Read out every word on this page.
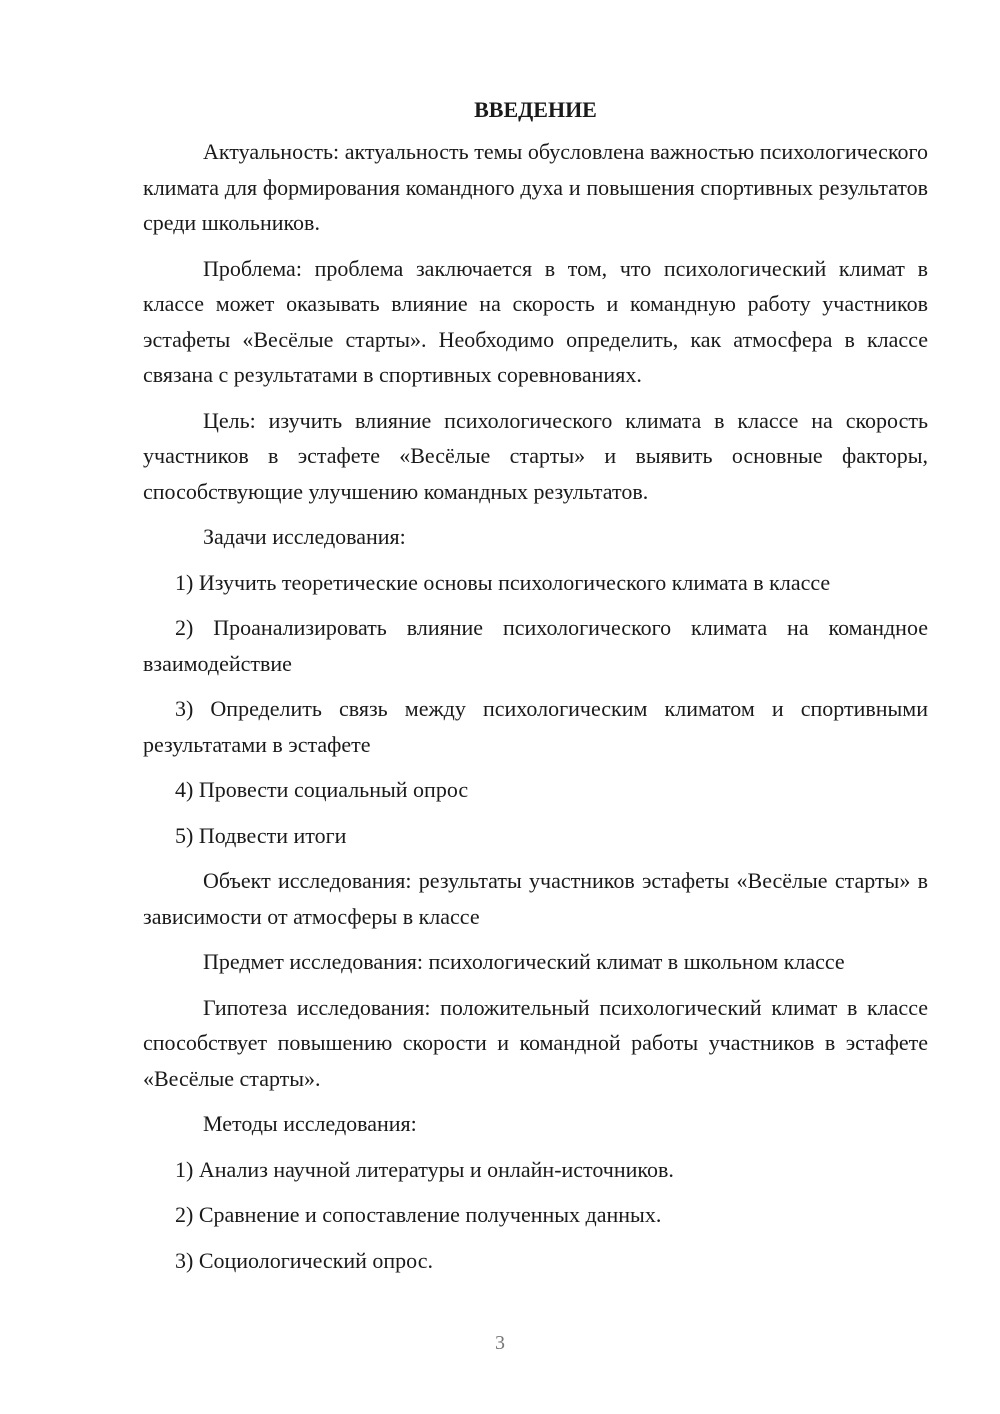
ВВЕДЕНИЕ

Актуальность: актуальность темы обусловлена важностью психологического климата для формирования командного духа и повышения спортивных результатов среди школьников.

Проблема: проблема заключается в том, что психологический климат в классе может оказывать влияние на скорость и командную работу участников эстафеты «Весёлые старты». Необходимо определить, как атмосфера в классе связана с результатами в спортивных соревнованиях.

Цель: изучить влияние психологического климата в классе на скорость участников в эстафете «Весёлые старты» и выявить основные факторы, способствующие улучшению командных результатов.

Задачи исследования:

1) Изучить теоретические основы психологического климата в классе

2) Проанализировать влияние психологического климата на командное взаимодействие

3) Определить связь между психологическим климатом и спортивными результатами в эстафете

4) Провести социальный опрос

5) Подвести итоги

Объект исследования: результаты участников эстафеты «Весёлые старты» в зависимости от атмосферы в классе

Предмет исследования: психологический климат в школьном классе

Гипотеза исследования: положительный психологический климат в классе способствует повышению скорости и командной работы участников в эстафете «Весёлые старты».

Методы исследования:

1) Анализ научной литературы и онлайн-источников.

2) Сравнение и сопоставление полученных данных.

3) Социологический опрос.

3
